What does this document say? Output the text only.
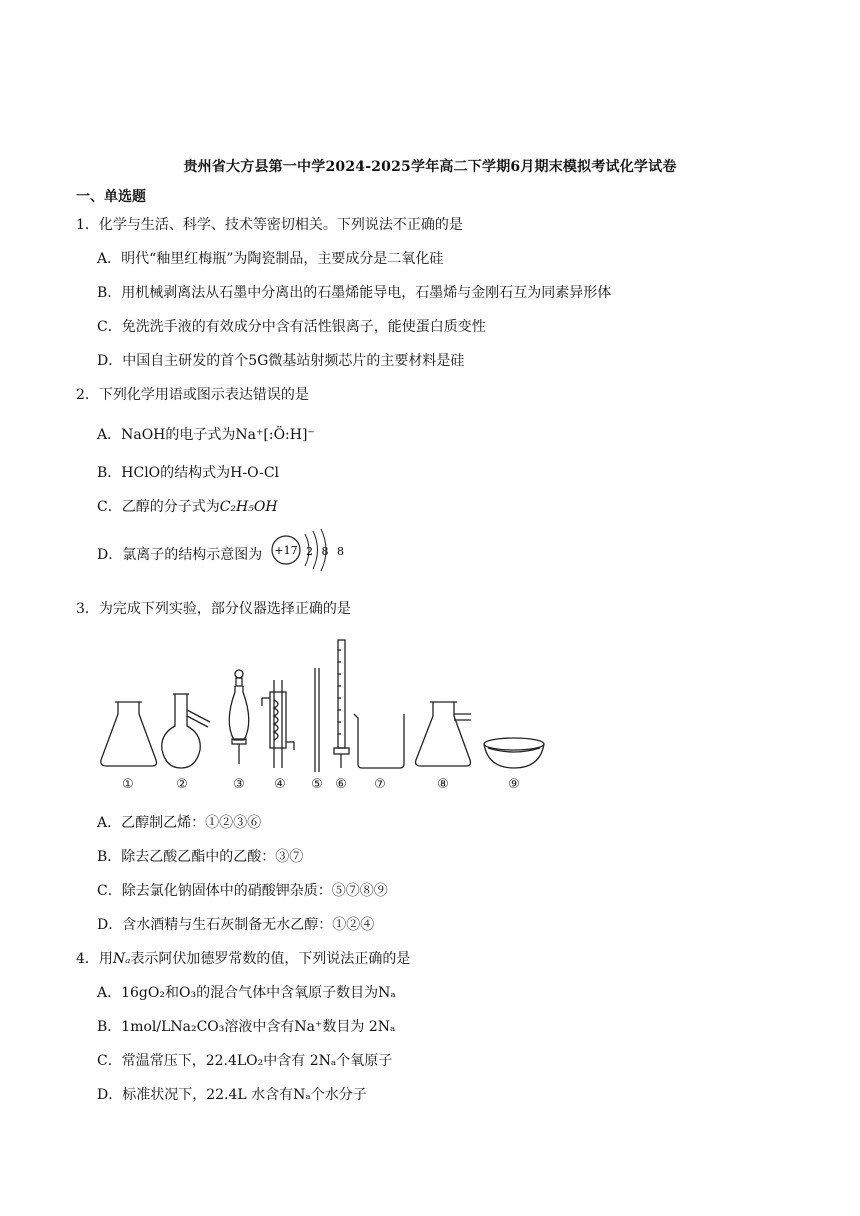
贵州省大方县第一中学2024-2025学年高二下学期6月期末模拟考试化学试卷
一、单选题
1．化学与生活、科学、技术等密切相关。下列说法不正确的是
A．明代“釉里红梅瓶”为陶瓷制品，主要成分是二氧化硅
B．用机械剥离法从石墨中分离出的石墨烯能导电，石墨烯与金刚石互为同素异形体
C．免洗洗手液的有效成分中含有活性银离子，能使蛋白质变性
D．中国自主研发的首个5G微基站射频芯片的主要材料是硅
2．下列化学用语或图示表达错误的是
A．NaOH的电子式为Na⁺[:Ö:H]⁻
B．HClO的结构式为H-O-Cl
C．乙醇的分子式为C₂H₅OH
D．氯离子的结构示意图为 +17 2 8 8
3．为完成下列实验，部分仪器选择正确的是
①	②	③ ④ ⑤ ⑥ ⑦	⑧	⑨
A．乙醇制乙烯：①②③⑥
B．除去乙酸乙酯中的乙酸：③⑦
C．除去氯化钠固体中的硝酸钾杂质：⑤⑦⑧⑨
D．含水酒精与生石灰制备无水乙醇：①②④
4．用Nₐ表示阿伏加德罗常数的值，下列说法正确的是
A．16gO₂和O₃的混合气体中含氧原子数目为Nₐ
B．1mol/LNa₂CO₃溶液中含有Na⁺数目为 2Nₐ
C．常温常压下，22.4LO₂中含有 2Nₐ个氧原子
D．标准状况下，22.4L 水含有Nₐ个水分子
